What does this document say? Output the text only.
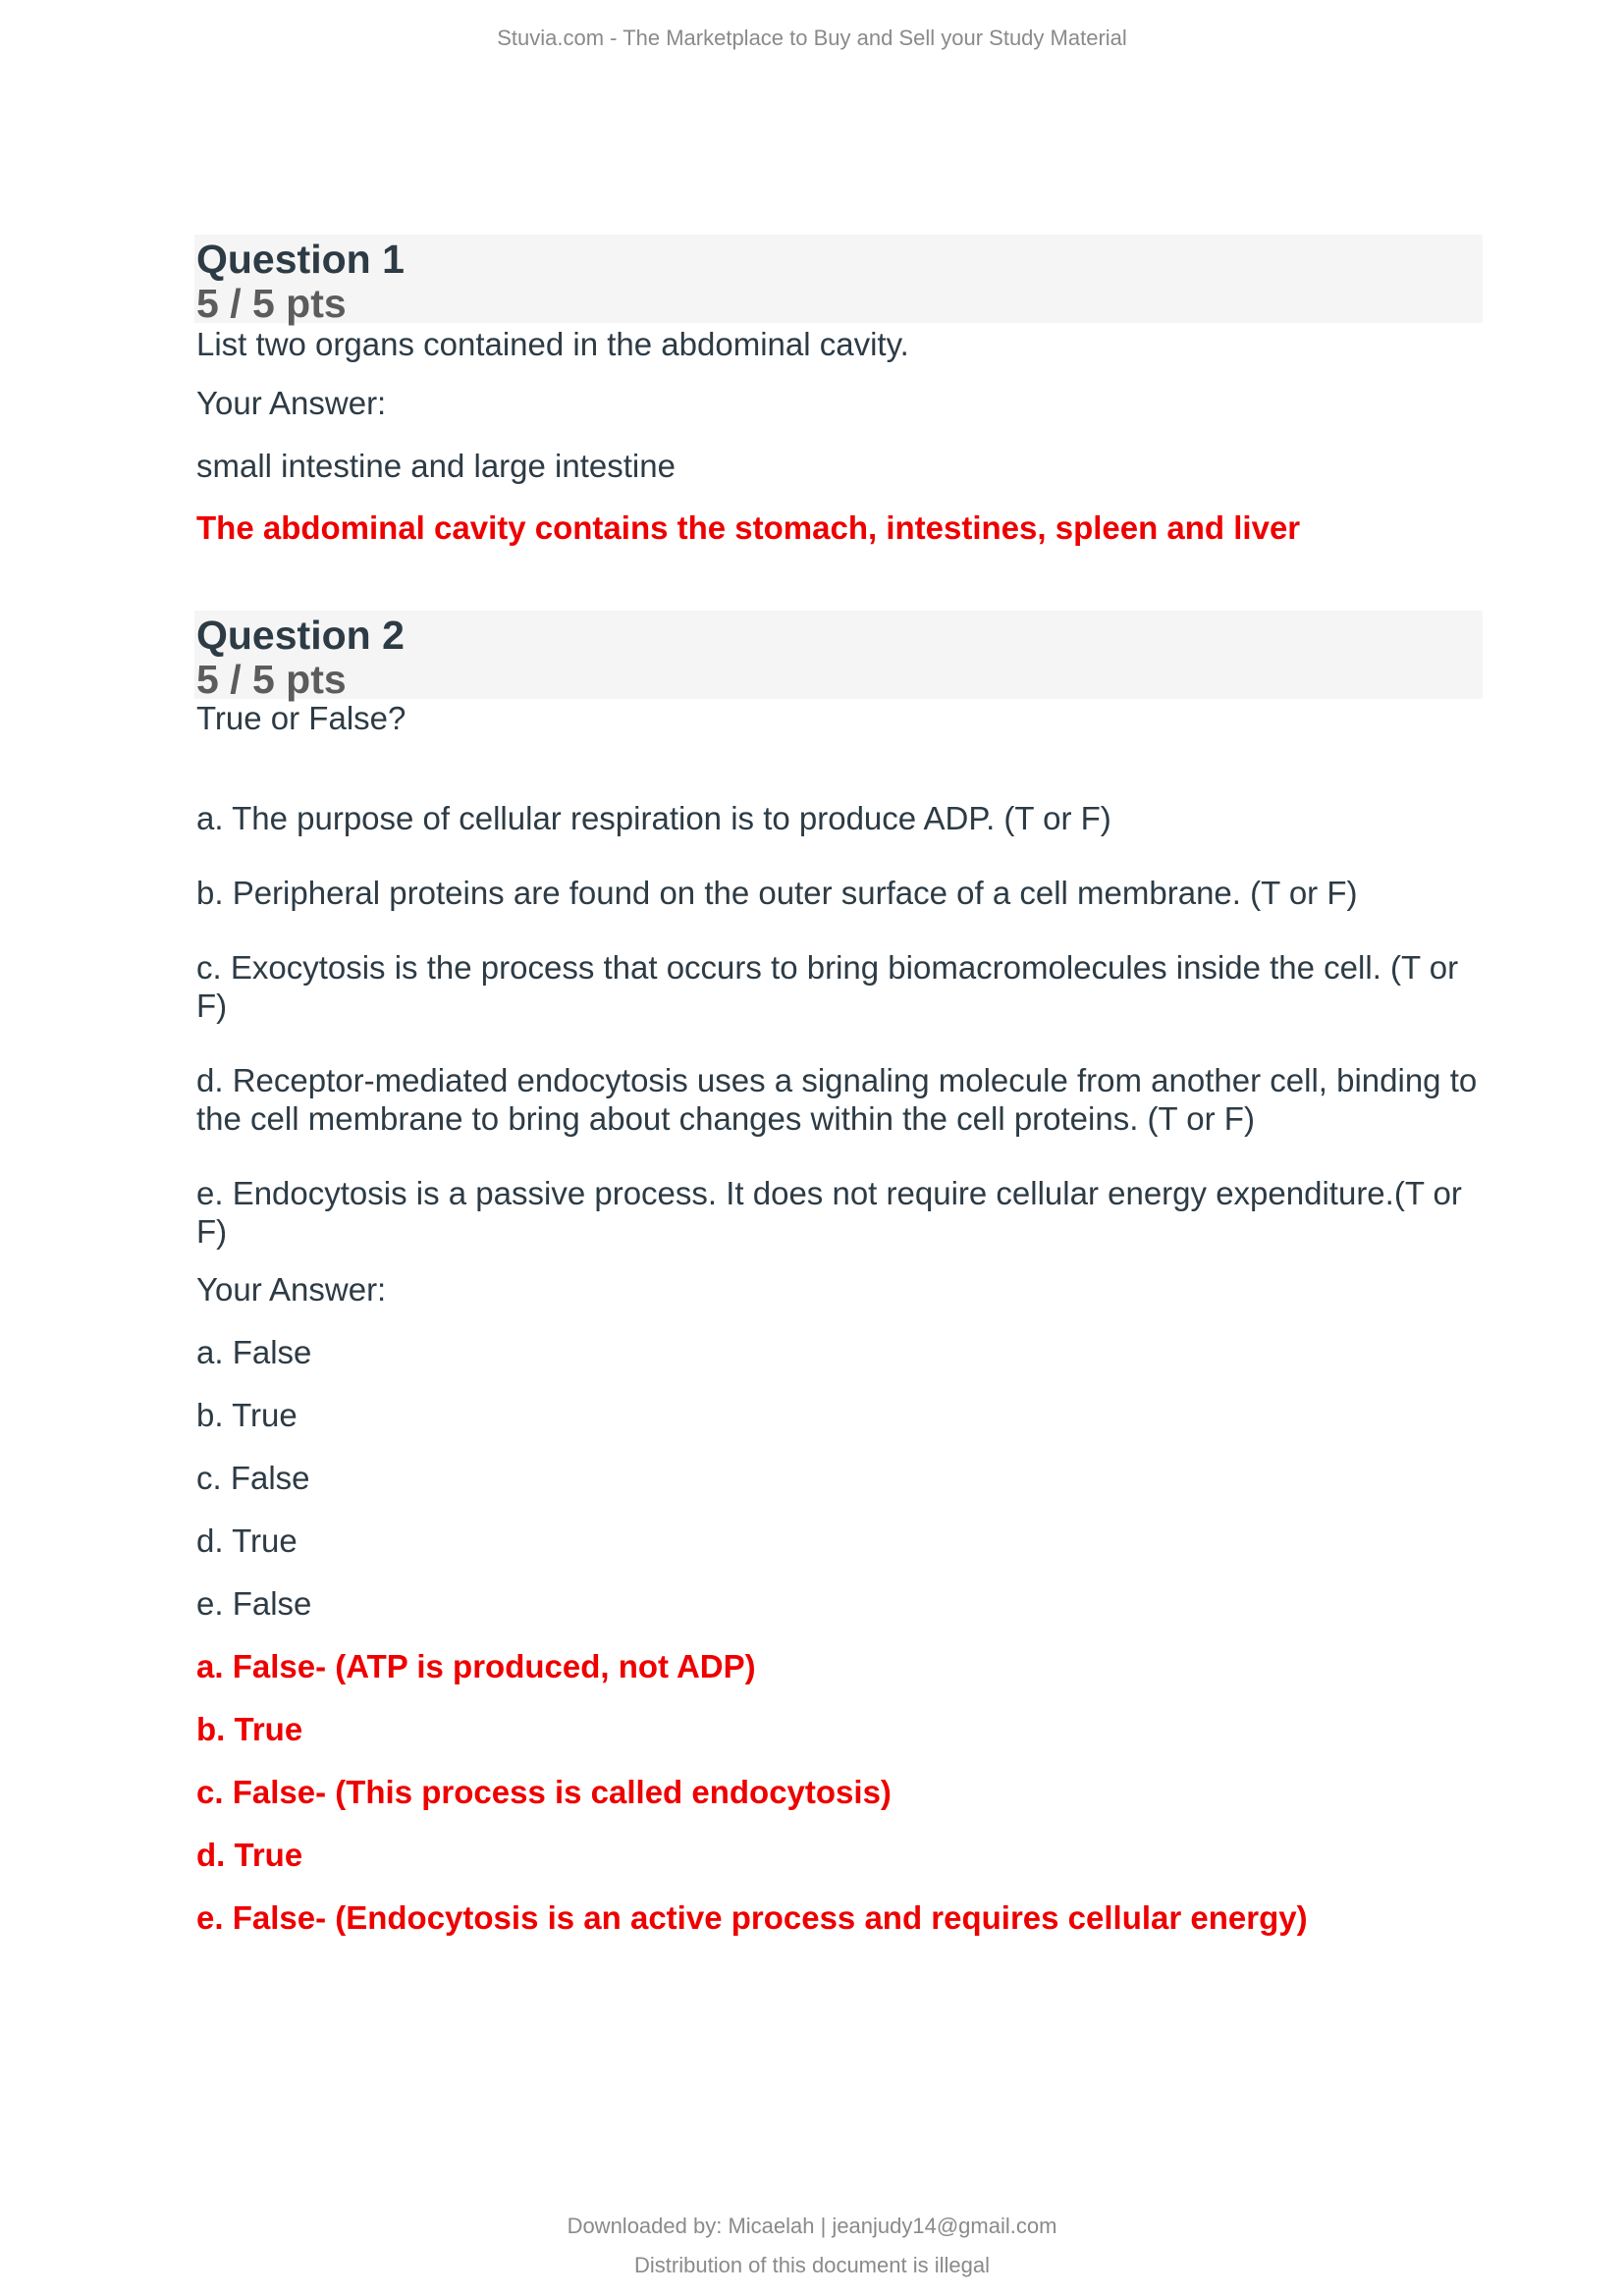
Stuvia.com - The Marketplace to Buy and Sell your Study Material
Question 1
5 / 5 pts
List two organs contained in the abdominal cavity.
Your Answer:
small intestine and large intestine
The abdominal cavity contains the stomach, intestines, spleen and liver
Question 2
5 / 5 pts
True or False?
a. The purpose of cellular respiration is to produce ADP. (T or F)
b. Peripheral proteins are found on the outer surface of a cell membrane. (T or F)
c. Exocytosis is the process that occurs to bring biomacromolecules inside the cell. (T or F)
d. Receptor-mediated endocytosis uses a signaling molecule from another cell, binding to the cell membrane to bring about changes within the cell proteins. (T or F)
e. Endocytosis is a passive process. It does not require cellular energy expenditure.(T or F)
Your Answer:
a. False
b. True
c. False
d. True
e. False
a. False- (ATP is produced, not ADP)
b. True
c. False- (This process is called endocytosis)
d. True
e. False- (Endocytosis is an active process and requires cellular energy)
Downloaded by: Micaelah | jeanjudy14@gmail.com
Distribution of this document is illegal
